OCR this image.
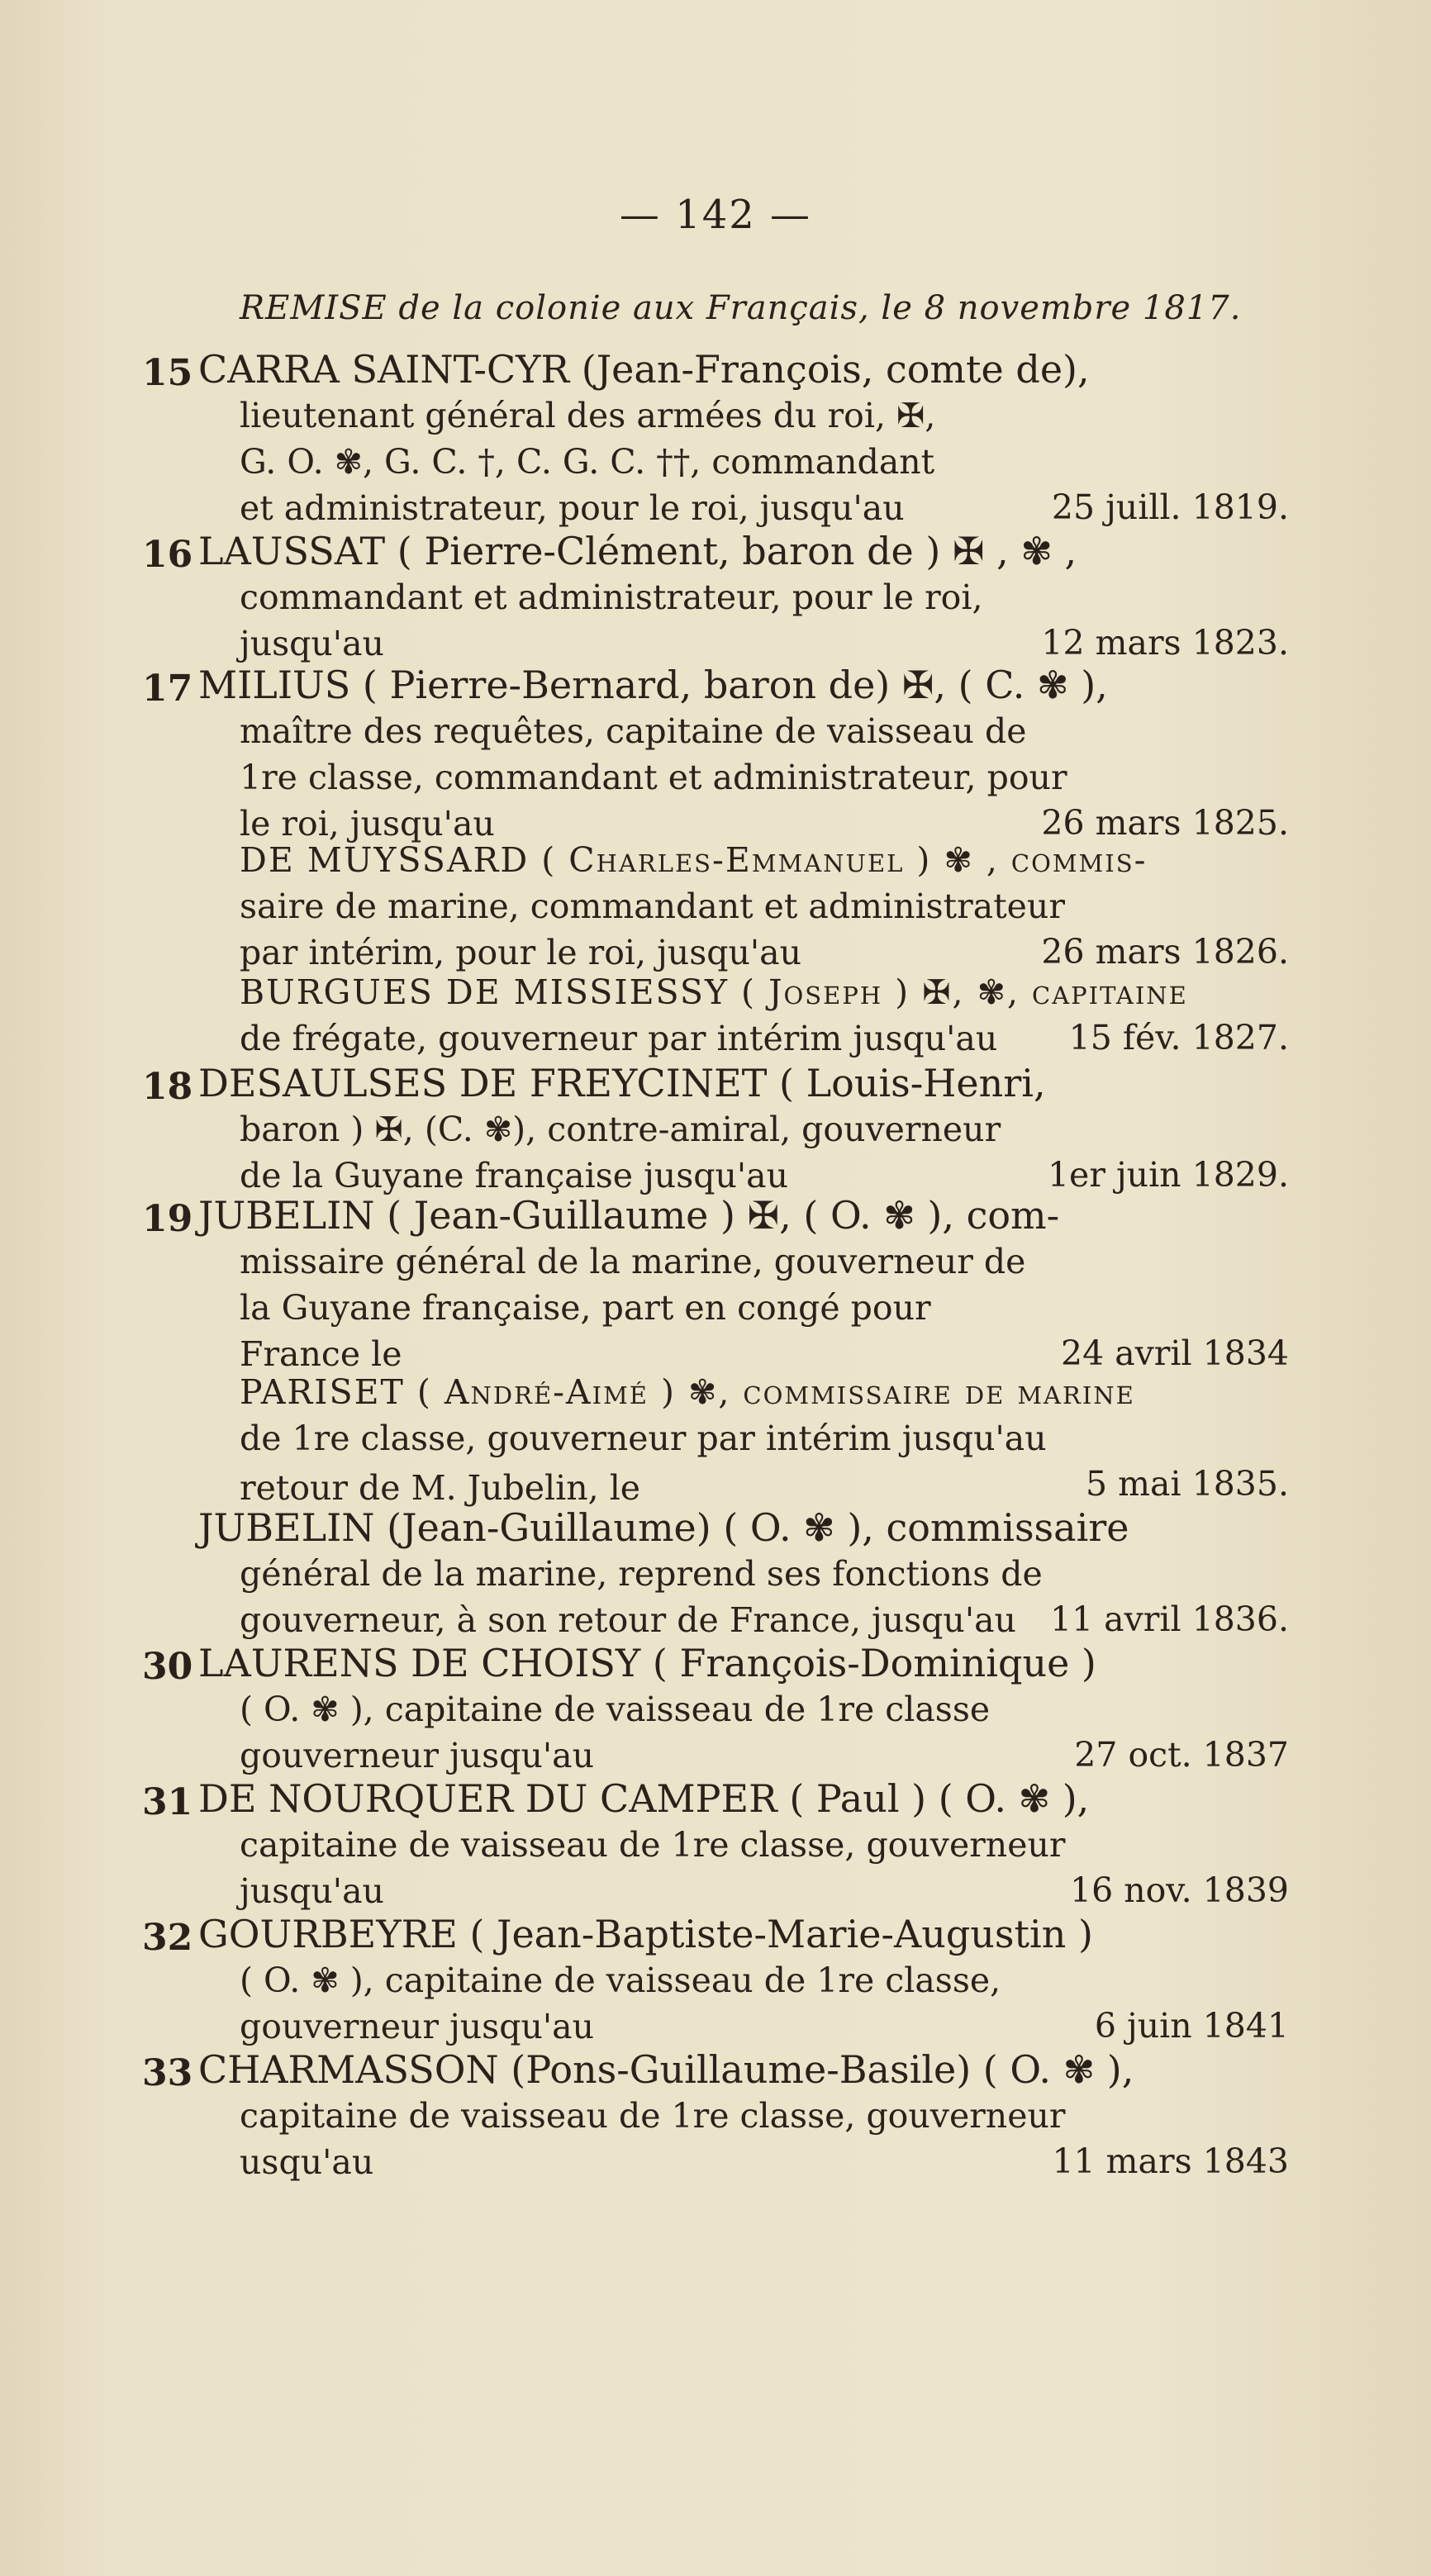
— 142 —
REMISE de la colonie aux Français, le 8 novembre 1817.
15 CARRA SAINT-CYR (Jean-François, comte de),
lieutenant général des armées du roi, ✠,
G. O. ✾, G. C. †, C. G. C. ††, commandant
et administrateur, pour le roi, jusqu'au	25 juill. 1819.
16 LAUSSAT ( Pierre-Clément, baron de ) ✠ , ✾ ,
commandant et administrateur, pour le roi,
jusqu'au	12 mars 1823.
17 MILIUS ( Pierre-Bernard, baron de) ✠, ( C. ✾ ),
maître des requêtes, capitaine de vaisseau de
1re classe, commandant et administrateur, pour
le roi, jusqu'au	26 mars 1825.
DE MUYSSARD ( Charles-Emmanuel ) ✾ , commis-
saire de marine, commandant et administrateur
par intérim, pour le roi, jusqu'au	26 mars 1826.
BURGUES DE MISSIESSY ( Joseph ) ✠, ✾, capitaine
de frégate, gouverneur par intérim jusqu'au	15 fév. 1827.
18 DESAULSES DE FREYCINET ( Louis-Henri,
baron ) ✠, (C. ✾), contre-amiral, gouverneur
de la Guyane française jusqu'au	1er juin 1829.
19 JUBELIN ( Jean-Guillaume ) ✠, ( O. ✾ ), com-
missaire général de la marine, gouverneur de
la Guyane française, part en congé pour
France le	24 avril 1834
PARISET ( André-Aimé ) ✾, commissaire de marine
de 1re classe, gouverneur par intérim jusqu'au
retour de M. Jubelin, le	5 mai 1835.
JUBELIN (Jean-Guillaume) ( O. ✾ ), commissaire
général de la marine, reprend ses fonctions de
gouverneur, à son retour de France, jusqu'au 11 avril 1836.
30 LAURENS DE CHOISY ( François-Dominique )
( O. ✾ ), capitaine de vaisseau de 1re classe
gouverneur jusqu'au	27 oct. 1837
31 DE NOURQUER DU CAMPER ( Paul ) ( O. ✾ ),
capitaine de vaisseau de 1re classe, gouverneur
jusqu'au	16 nov. 1839
32 GOURBEYRE ( Jean-Baptiste-Marie-Augustin )
( O. ✾ ), capitaine de vaisseau de 1re classe,
gouverneur jusqu'au	6 juin 1841
33 CHARMASSON (Pons-Guillaume-Basile) ( O. ✾ ),
capitaine de vaisseau de 1re classe, gouverneur
usqu'au	11 mars 1843
